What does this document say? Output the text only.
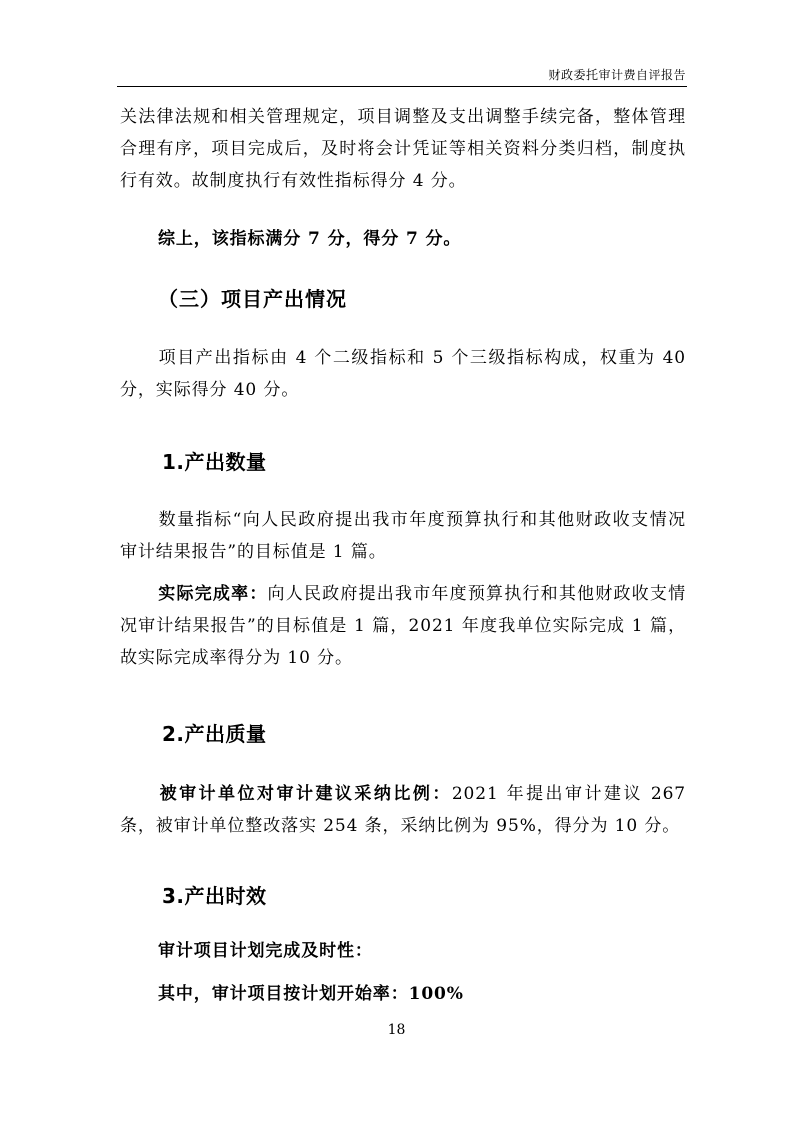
财政委托审计费自评报告

关法律法规和相关管理规定，项目调整及支出调整手续完备，整体管理合理有序，项目完成后，及时将会计凭证等相关资料分类归档，制度执行有效。故制度执行有效性指标得分 4 分。

综上，该指标满分 7 分，得分 7 分。

（三）项目产出情况

项目产出指标由 4 个二级指标和 5 个三级指标构成，权重为 40 分，实际得分 40 分。

1.产出数量

数量指标“向人民政府提出我市年度预算执行和其他财政收支情况审计结果报告”的目标值是 1 篇。

实际完成率：向人民政府提出我市年度预算执行和其他财政收支情况审计结果报告”的目标值是 1 篇，2021 年度我单位实际完成 1 篇，故实际完成率得分为 10 分。

2.产出质量

被审计单位对审计建议采纳比例：2021 年提出审计建议 267 条，被审计单位整改落实 254 条，采纳比例为 95%，得分为 10 分。

3.产出时效

审计项目计划完成及时性：

其中，审计项目按计划开始率：100%

18
